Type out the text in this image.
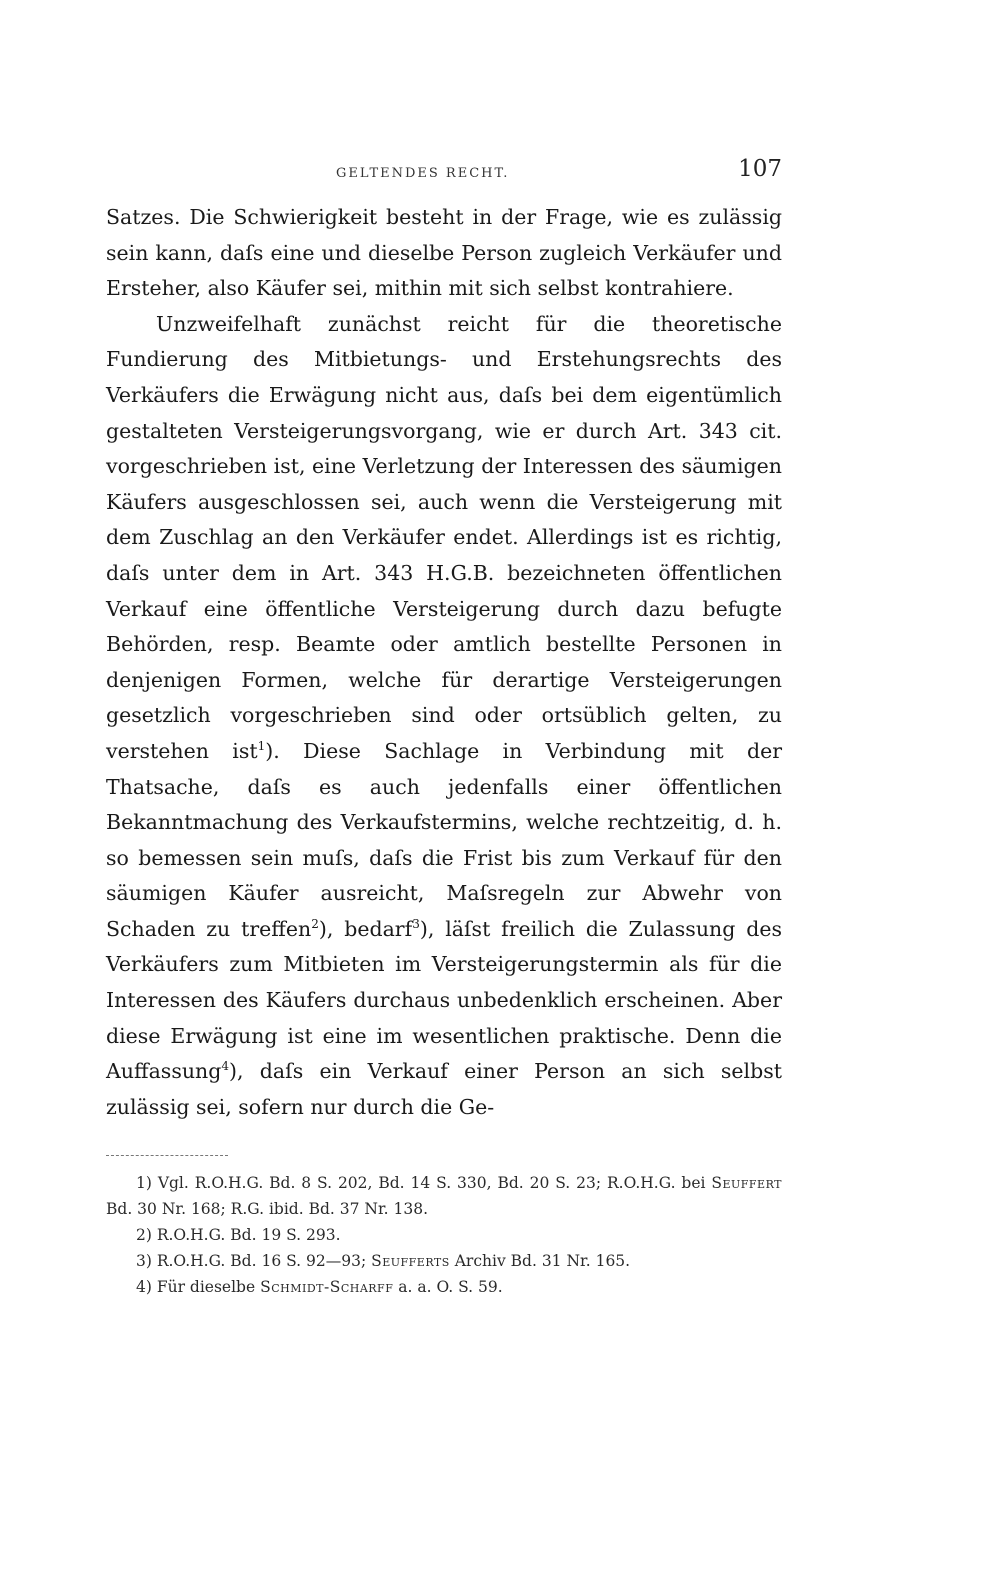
GELTENDES RECHT.	107

Satzes. Die Schwierigkeit besteht in der Frage, wie es zulässig sein kann, daſs eine und dieselbe Person zugleich Verkäufer und Ersteher, also Käufer sei, mithin mit sich selbst kontrahiere.

Unzweifelhaft zunächst reicht für die theoretische Fundierung des Mitbietungs- und Erstehungsrechts des Verkäufers die Erwägung nicht aus, daſs bei dem eigentümlich gestalteten Versteigerungsvorgang, wie er durch Art. 343 cit. vorgeschrieben ist, eine Verletzung der Interessen des säumigen Käufers ausgeschlossen sei, auch wenn die Versteigerung mit dem Zuschlag an den Verkäufer endet. Allerdings ist es richtig, daſs unter dem in Art. 343 H.G.B. bezeichneten öffentlichen Verkauf eine öffentliche Versteigerung durch dazu befugte Behörden, resp. Beamte oder amtlich bestellte Personen in denjenigen Formen, welche für derartige Versteigerungen gesetzlich vorgeschrieben sind oder ortsüblich gelten, zu verstehen ist$^1$). Diese Sachlage in Verbindung mit der Thatsache, daſs es auch jedenfalls einer öffentlichen Bekanntmachung des Verkaufstermins, welche rechtzeitig, d. h. so bemessen sein muſs, daſs die Frist bis zum Verkauf für den säumigen Käufer ausreicht, Maſsregeln zur Abwehr von Schaden zu treffen$^2$), bedarf$^3$), läſst freilich die Zulassung des Verkäufers zum Mitbieten im Versteigerungstermin als für die Interessen des Käufers durchaus unbedenklich erscheinen. Aber diese Erwägung ist eine im wesentlichen praktische. Denn die Auffassung$^4$), daſs ein Verkauf einer Person an sich selbst zulässig sei, sofern nur durch die Ge-

1) Vgl. R.O.H.G. Bd. 8 S. 202, Bd. 14 S. 330, Bd. 20 S. 23; R.O.H.G. bei Seuffert Bd. 30 Nr. 168; R.G. ibid. Bd. 37 Nr. 138.

2) R.O.H.G. Bd. 19 S. 293.

3) R.O.H.G. Bd. 16 S. 92—93; Seufferts Archiv Bd. 31 Nr. 165.

4) Für dieselbe Schmidt-Scharff a. a. O. S. 59.
